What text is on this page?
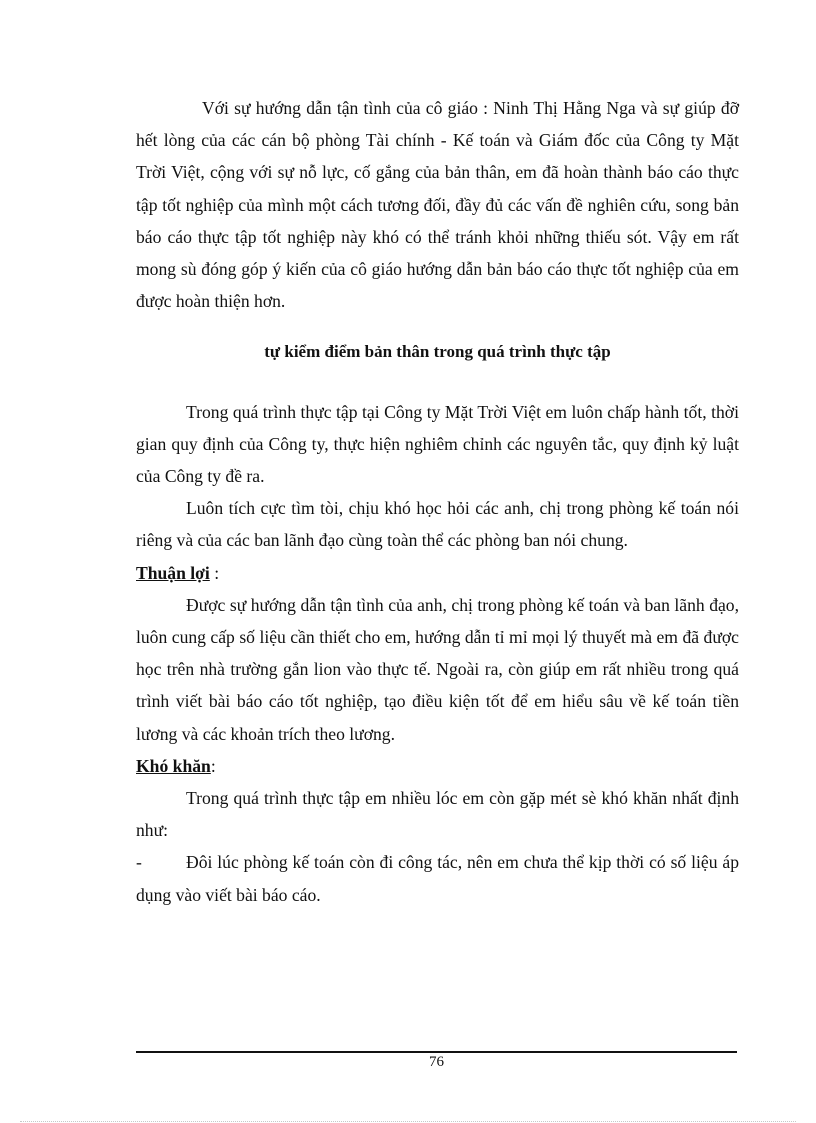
Với sự hướng dẫn tận tình của cô giáo : Ninh Thị Hằng Nga và sự giúp đỡ hết lòng của các cán bộ phòng Tài chính - Kế toán và Giám đốc của Công ty Mặt Trời Việt, cộng với sự nỗ lực, cố gắng của bản thân, em đã hoàn thành báo cáo thực tập tốt nghiệp của mình một cách tương đối, đầy đủ các vấn đề nghiên cứu, song bản báo cáo thực tập tốt nghiệp này khó có thể tránh khỏi những thiếu sót. Vậy em rất mong sù đóng góp ý kiến của cô giáo hướng dẫn bản báo cáo thực tốt nghiệp của em được hoàn thiện hơn.

tự kiểm điểm bản thân trong quá trình thực tập

Trong quá trình thực tập tại Công ty Mặt Trời Việt em luôn chấp hành tốt, thời gian quy định của Công ty, thực hiện nghiêm chỉnh các nguyên tắc, quy định kỷ luật của Công ty đề ra.

Luôn tích cực tìm tòi, chịu khó học hỏi các anh, chị trong phòng kế toán nói riêng và của các ban lãnh đạo cùng toàn thể các phòng ban nói chung.

Thuận lợi :

Được sự hướng dẫn tận tình của anh, chị trong phòng kế toán và ban lãnh đạo, luôn cung cấp số liệu cần thiết cho em, hướng dẫn tỉ mỉ mọi lý thuyết mà em đã được học trên nhà trường gắn lion vào thực tế. Ngoài ra, còn giúp em rất nhiều trong quá trình viết bài báo cáo tốt nghiệp, tạo điều kiện tốt để em hiểu sâu về kế toán tiền lương và các khoản trích theo lương.

Khó khăn:

Trong quá trình thực tập em nhiều lóc em còn gặp mét sè khó khăn nhất định như:

-	Đôi lúc phòng kế toán còn đi công tác, nên em chưa thể kịp thời có số liệu áp dụng vào viết bài báo cáo.

76
